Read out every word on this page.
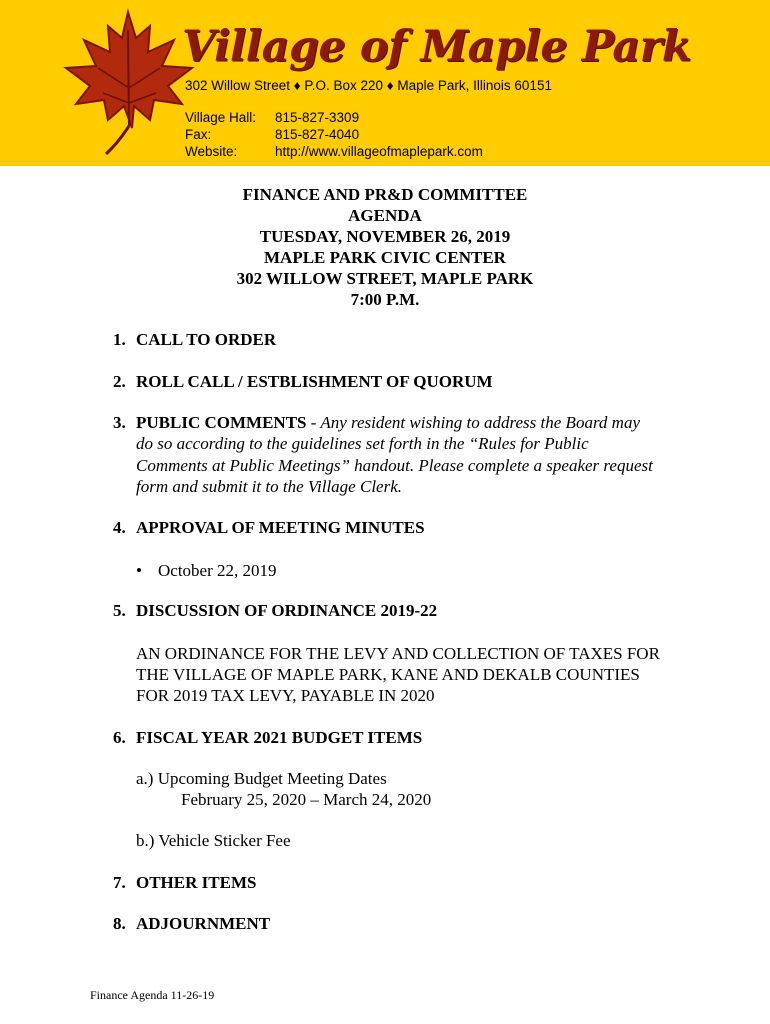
Village of Maple Park
302 Willow Street ♦ P.O. Box 220 ♦ Maple Park, Illinois 60151
Village Hall: 815-827-3309
Fax:	815-827-4040
Website:	http://www.villageofmaplepark.com
FINANCE AND PR&D COMMITTEE
AGENDA
TUESDAY, NOVEMBER 26, 2019
MAPLE PARK CIVIC CENTER
302 WILLOW STREET, MAPLE PARK
7:00 P.M.
1. CALL TO ORDER
2. ROLL CALL / ESTBLISHMENT OF QUORUM
3. PUBLIC COMMENTS - Any resident wishing to address the Board may
do so according to the guidelines set forth in the “Rules for Public
Comments at Public Meetings” handout. Please complete a speaker request
form and submit it to the Village Clerk.
4. APPROVAL OF MEETING MINUTES
• October 22, 2019
5. DISCUSSION OF ORDINANCE 2019-22
AN ORDINANCE FOR THE LEVY AND COLLECTION OF TAXES FOR
THE VILLAGE OF MAPLE PARK, KANE AND DEKALB COUNTIES
FOR 2019 TAX LEVY, PAYABLE IN 2020
6. FISCAL YEAR 2021 BUDGET ITEMS
a.) Upcoming Budget Meeting Dates
February 25, 2020 – March 24, 2020
b.) Vehicle Sticker Fee
7. OTHER ITEMS
8. ADJOURNMENT
Finance Agenda 11-26-19
